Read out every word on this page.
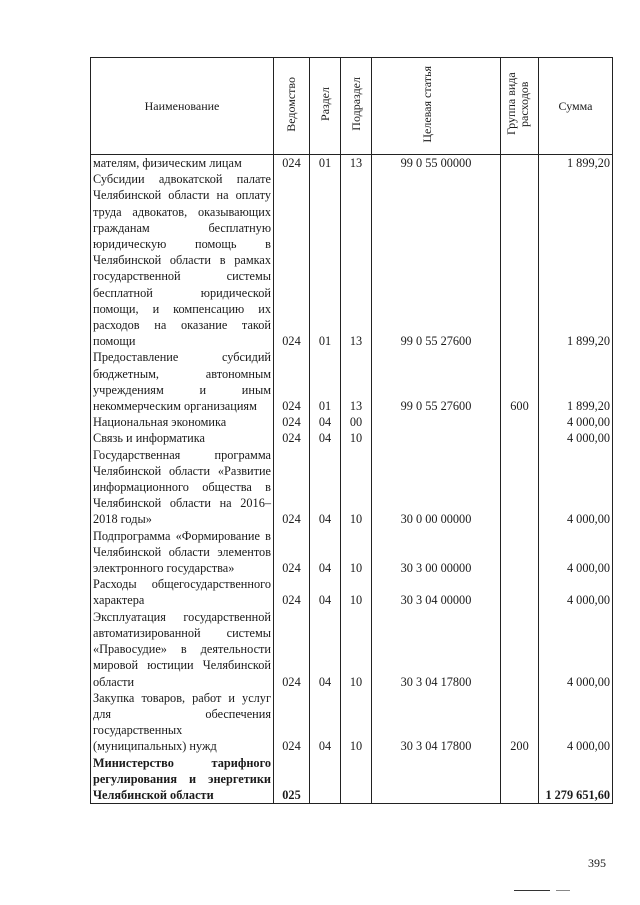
Наименование	Ведомство	Раздел	Подраздел	Целевая статья	Группа вида расходов	Сумма
мателям, физическим лицам	024	01	13	99 0 55 00000		1 899,20
Субсидии адвокатской палате Челябинской области на оплату труда адвокатов, оказывающих гражданам бесплатную юридическую помощь в Челябинской области в рамках государственной системы бесплатной юридической помощи, и компенсацию их расходов на оказание такой помощи	024	01	13	99 0 55 27600		1 899,20
Предоставление субсидий бюджетным, автономным учреждениям и иным некоммерческим организациям	024	01	13	99 0 55 27600	600	1 899,20
Национальная экономика	024	04	00			4 000,00
Связь и информатика	024	04	10			4 000,00
Государственная программа Челябинской области «Развитие информационного общества в Челябинской области на 2016–2018 годы»	024	04	10	30 0 00 00000		4 000,00
Подпрограмма «Формирование в Челябинской области элементов электронного государства»	024	04	10	30 3 00 00000		4 000,00
Расходы общегосударственного характера	024	04	10	30 3 04 00000		4 000,00
Эксплуатация государственной автоматизированной системы «Правосудие» в деятельности мировой юстиции Челябинской области	024	04	10	30 3 04 17800		4 000,00
Закупка товаров, работ и услуг для обеспечения государственных (муниципальных) нужд	024	04	10	30 3 04 17800	200	4 000,00
Министерство тарифного регулирования и энергетики Челябинской области	025					1 279 651,60
395
